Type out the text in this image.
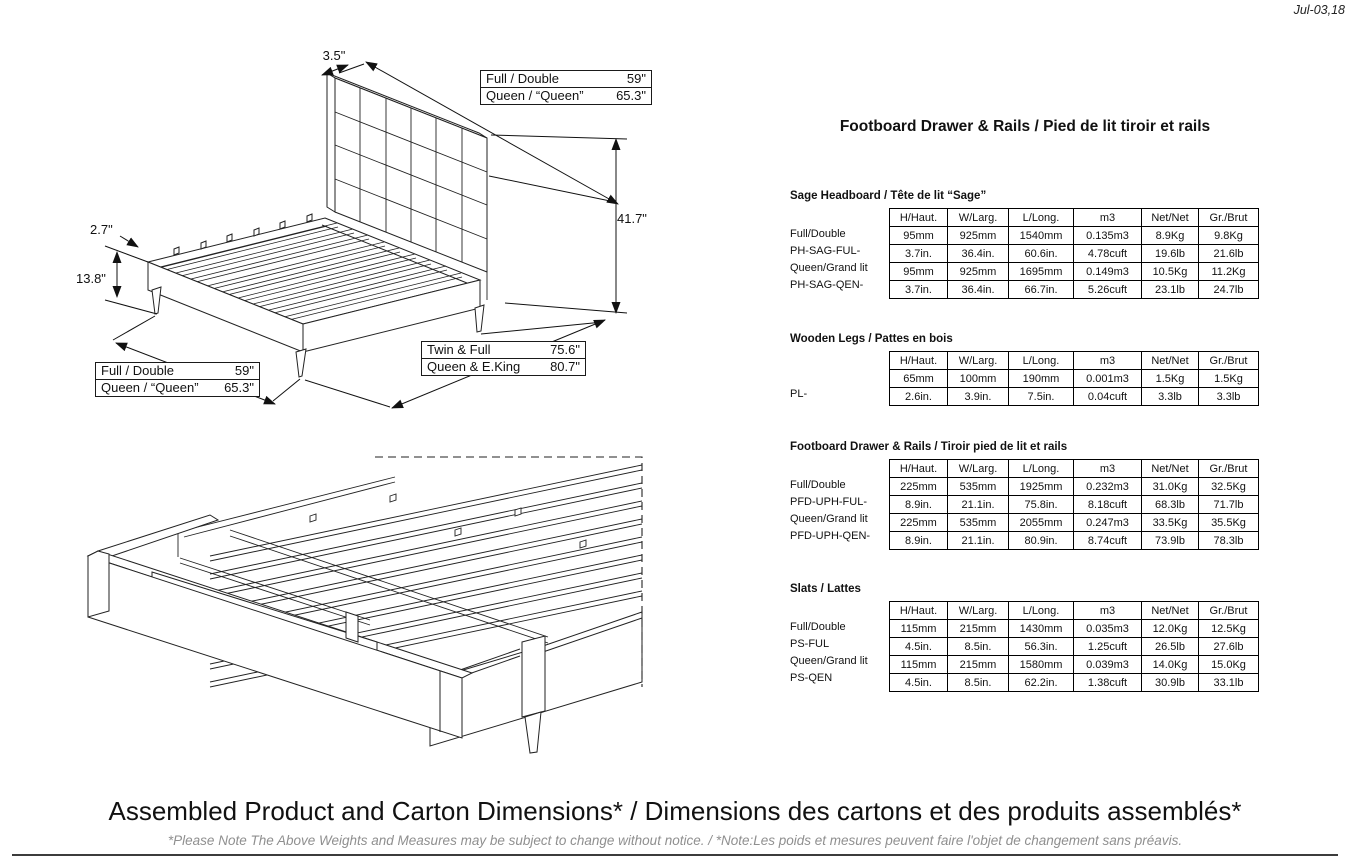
Jul-03,18
Footboard Drawer & Rails / Pied de lit tiroir et rails
Sage Headboard / Tête de lit “Sage”
Full/Double
PH-SAG-FUL-
Queen/Grand lit
PH-SAG-QEN-
H/Haut.	W/Larg.	L/Long.	m3	Net/Net	Gr./Brut
95mm	925mm	1540mm	0.135m3	8.9Kg	9.8Kg
3.7in.	36.4in.	60.6in.	4.78cuft	19.6lb	21.6lb
95mm	925mm	1695mm	0.149m3	10.5Kg	11.2Kg
3.7in.	36.4in.	66.7in.	5.26cuft	23.1lb	24.7lb
Wooden Legs / Pattes en bois
PL-
H/Haut.	W/Larg.	L/Long.	m3	Net/Net	Gr./Brut
65mm	100mm	190mm	0.001m3	1.5Kg	1.5Kg
2.6in.	3.9in.	7.5in.	0.04cuft	3.3lb	3.3lb
Footboard Drawer & Rails / Tiroir pied de lit et rails
Full/Double
PFD-UPH-FUL-
Queen/Grand lit
PFD-UPH-QEN-
H/Haut.	W/Larg.	L/Long.	m3	Net/Net	Gr./Brut
225mm	535mm	1925mm	0.232m3	31.0Kg	32.5Kg
8.9in.	21.1in.	75.8in.	8.18cuft	68.3lb	71.7lb
225mm	535mm	2055mm	0.247m3	33.5Kg	35.5Kg
8.9in.	21.1in.	80.9in.	8.74cuft	73.9lb	78.3lb
Slats / Lattes
Full/Double
PS-FUL
Queen/Grand lit
PS-QEN
H/Haut.	W/Larg.	L/Long.	m3	Net/Net	Gr./Brut
115mm	215mm	1430mm	0.035m3	12.0Kg	12.5Kg
4.5in.	8.5in.	56.3in.	1.25cuft	26.5lb	27.6lb
115mm	215mm	1580mm	0.039m3	14.0Kg	15.0Kg
4.5in.	8.5in.	62.2in.	1.38cuft	30.9lb	33.1lb
3.5"
41.7"
2.7"
13.8"
Full / Double	59"
Queen / “Queen”	65.3"
Full / Double	59"
Queen / “Queen” 65.3"
Twin & Full	75.6"
Queen & E.King 80.7"
Assembled Product and Carton Dimensions* / Dimensions des cartons et des produits assemblés*
*Please Note The Above Weights and Measures may be subject to change without notice. / *Note:Les poids et mesures peuvent faire l'objet de changement sans préavis.
